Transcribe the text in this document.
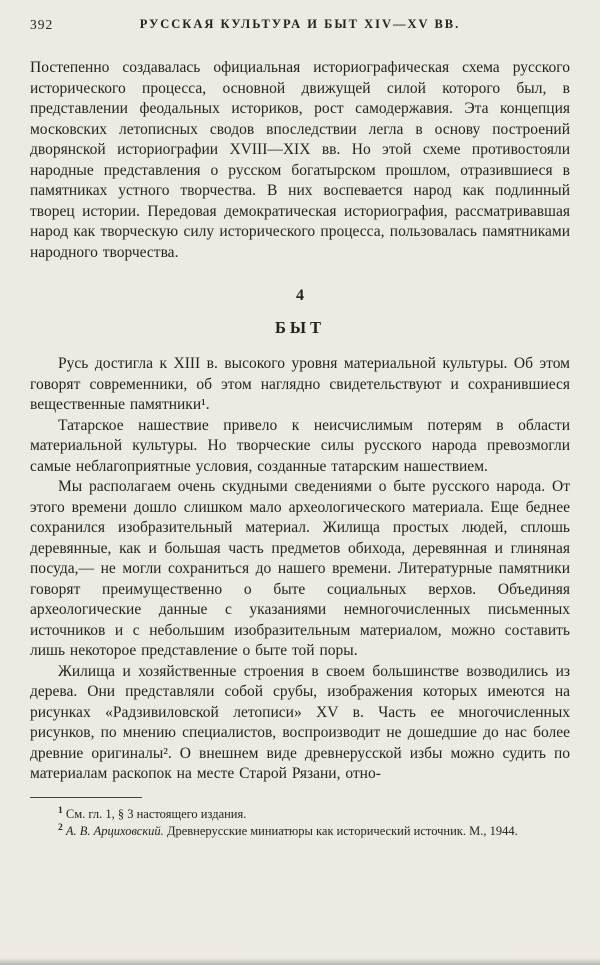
392	РУССКАЯ КУЛЬТУРА И БЫТ XIV—XV ВВ.

Постепенно создавалась официальная историографическая схема русского исторического процесса, основной движущей силой которого был, в представлении феодальных историков, рост самодержавия. Эта концепция московских летописных сводов впоследствии легла в основу построений дворянской историографии XVIII—XIX вв. Но этой схеме противостояли народные представления о русском богатырском прошлом, отразившиеся в памятниках устного творчества. В них воспевается народ как подлинный творец истории. Передовая демократическая историография, рассматривавшая народ как творческую силу исторического процесса, пользовалась памятниками народного творчества.

4
БЫТ

Русь достигла к XIII в. высокого уровня материальной культуры. Об этом говорят современники, об этом наглядно свидетельствуют и сохранившиеся вещественные памятники¹.

Татарское нашествие привело к неисчислимым потерям в области материальной культуры. Но творческие силы русского народа превозмогли самые неблагоприятные условия, созданные татарским нашествием.

Мы располагаем очень скудными сведениями о быте русского народа. От этого времени дошло слишком мало археологического материала. Еще беднее сохранился изобразительный материал. Жилища простых людей, сплошь деревянные, как и большая часть предметов обихода, деревянная и глиняная посуда,— не могли сохраниться до нашего времени. Литературные памятники говорят преимущественно о быте социальных верхов. Объединяя археологические данные с указаниями немногочисленных письменных источников и с небольшим изобразительным материалом, можно составить лишь некоторое представление о быте той поры.

Жилища и хозяйственные строения в своем большинстве возводились из дерева. Они представляли собой срубы, изображения которых имеются на рисунках «Радзивиловской летописи» XV в. Часть ее многочисленных рисунков, по мнению специалистов, воспроизводит не дошедшие до нас более древние оригиналы². О внешнем виде древнерусской избы можно судить по материалам раскопок на месте Старой Рязани, отно-

$^1$ См. гл. 1, § 3 настоящего издания.

$^2$ А. В. Арциховский. Древнерусские миниатюры как исторический источник. М., 1944.
